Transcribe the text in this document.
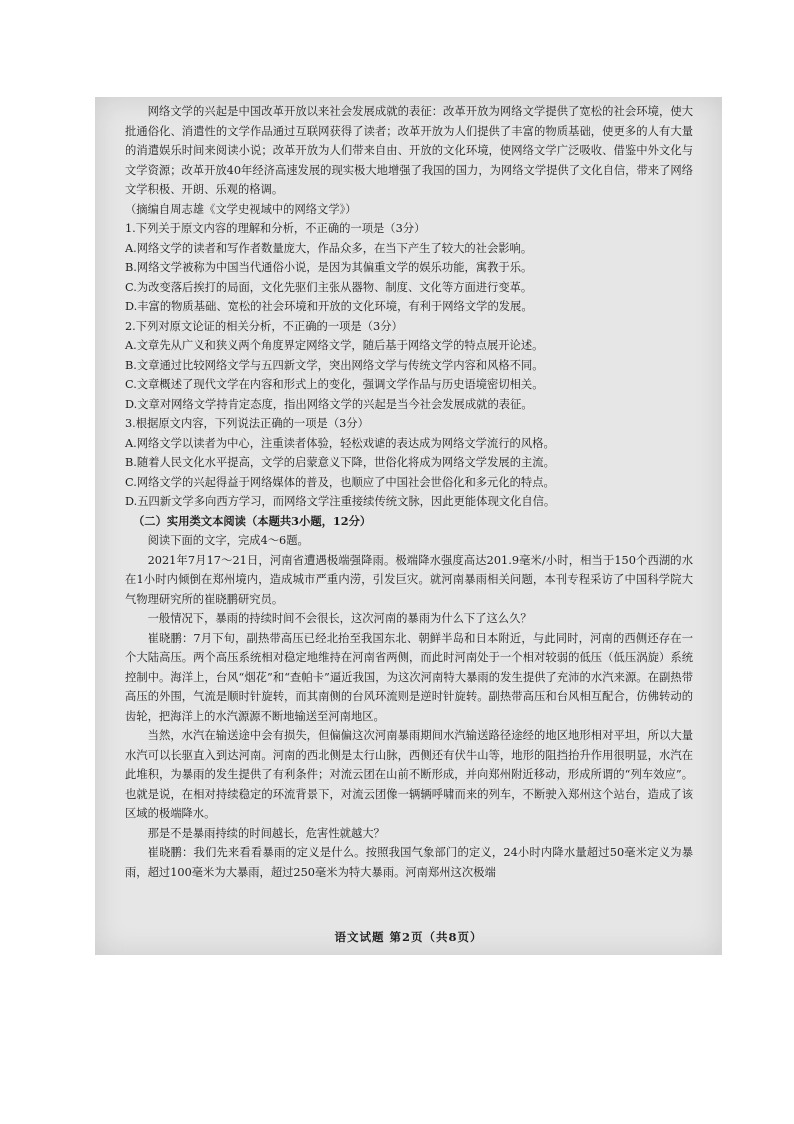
网络文学的兴起是中国改革开放以来社会发展成就的表征：改革开放为网络文学提供了宽松的社会环境，使大批通俗化、消遣性的文学作品通过互联网获得了读者；改革开放为人们提供了丰富的物质基础，使更多的人有大量的消遣娱乐时间来阅读小说；改革开放为人们带来自由、开放的文化环境，使网络文学广泛吸收、借鉴中外文化与文学资源；改革开放40年经济高速发展的现实极大地增强了我国的国力，为网络文学提供了文化自信，带来了网络文学积极、开朗、乐观的格调。

（摘编自周志雄《文学史视域中的网络文学》）

1.下列关于原文内容的理解和分析，不正确的一项是（3分）

A.网络文学的读者和写作者数量庞大，作品众多，在当下产生了较大的社会影响。

B.网络文学被称为中国当代通俗小说，是因为其偏重文学的娱乐功能，寓教于乐。

C.为改变落后挨打的局面，文化先驱们主张从器物、制度、文化等方面进行变革。

D.丰富的物质基础、宽松的社会环境和开放的文化环境，有利于网络文学的发展。

2.下列对原文论证的相关分析，不正确的一项是（3分）

A.文章先从广义和狭义两个角度界定网络文学，随后基于网络文学的特点展开论述。

B.文章通过比较网络文学与五四新文学，突出网络文学与传统文学内容和风格不同。

C.文章概述了现代文学在内容和形式上的变化，强调文学作品与历史语境密切相关。

D.文章对网络文学持肯定态度，指出网络文学的兴起是当今社会发展成就的表征。

3.根据原文内容，下列说法正确的一项是（3分）

A.网络文学以读者为中心，注重读者体验，轻松戏谑的表达成为网络文学流行的风格。

B.随着人民文化水平提高，文学的启蒙意义下降，世俗化将成为网络文学发展的主流。

C.网络文学的兴起得益于网络媒体的普及，也顺应了中国社会世俗化和多元化的特点。

D.五四新文学多向西方学习，而网络文学注重接续传统文脉，因此更能体现文化自信。

（二）实用类文本阅读（本题共3小题，12分）

阅读下面的文字，完成4～6题。

2021年7月17～21日，河南省遭遇极端强降雨。极端降水强度高达201.9毫米/小时，相当于150个西湖的水在1小时内倾倒在郑州境内，造成城市严重内涝，引发巨灾。就河南暴雨相关问题，本刊专程采访了中国科学院大气物理研究所的崔晓鹏研究员。

一般情况下，暴雨的持续时间不会很长，这次河南的暴雨为什么下了这么久？

崔晓鹏：7月下旬，副热带高压已经北抬至我国东北、朝鲜半岛和日本附近，与此同时，河南的西侧还存在一个大陆高压。两个高压系统相对稳定地维持在河南省两侧，而此时河南处于一个相对较弱的低压（低压涡旋）系统控制中。海洋上，台风“烟花”和“查帕卡”逼近我国，为这次河南特大暴雨的发生提供了充沛的水汽来源。在副热带高压的外围，气流是顺时针旋转，而其南侧的台风环流则是逆时针旋转。副热带高压和台风相互配合，仿佛转动的齿轮，把海洋上的水汽源源不断地输送至河南地区。

当然，水汽在输送途中会有损失，但偏偏这次河南暴雨期间水汽输送路径途经的地区地形相对平坦，所以大量水汽可以长驱直入到达河南。河南的西北侧是太行山脉，西侧还有伏牛山等，地形的阻挡抬升作用很明显，水汽在此堆积，为暴雨的发生提供了有利条件；对流云团在山前不断形成，并向郑州附近移动，形成所谓的“列车效应”。也就是说，在相对持续稳定的环流背景下，对流云团像一辆辆呼啸而来的列车，不断驶入郑州这个站台，造成了该区域的极端降水。

那是不是暴雨持续的时间越长，危害性就越大？

崔晓鹏：我们先来看看暴雨的定义是什么。按照我国气象部门的定义，24小时内降水量超过50毫米定义为暴雨，超过100毫米为大暴雨，超过250毫米为特大暴雨。河南郑州这次极端

语文试题 第2页（共8页）
